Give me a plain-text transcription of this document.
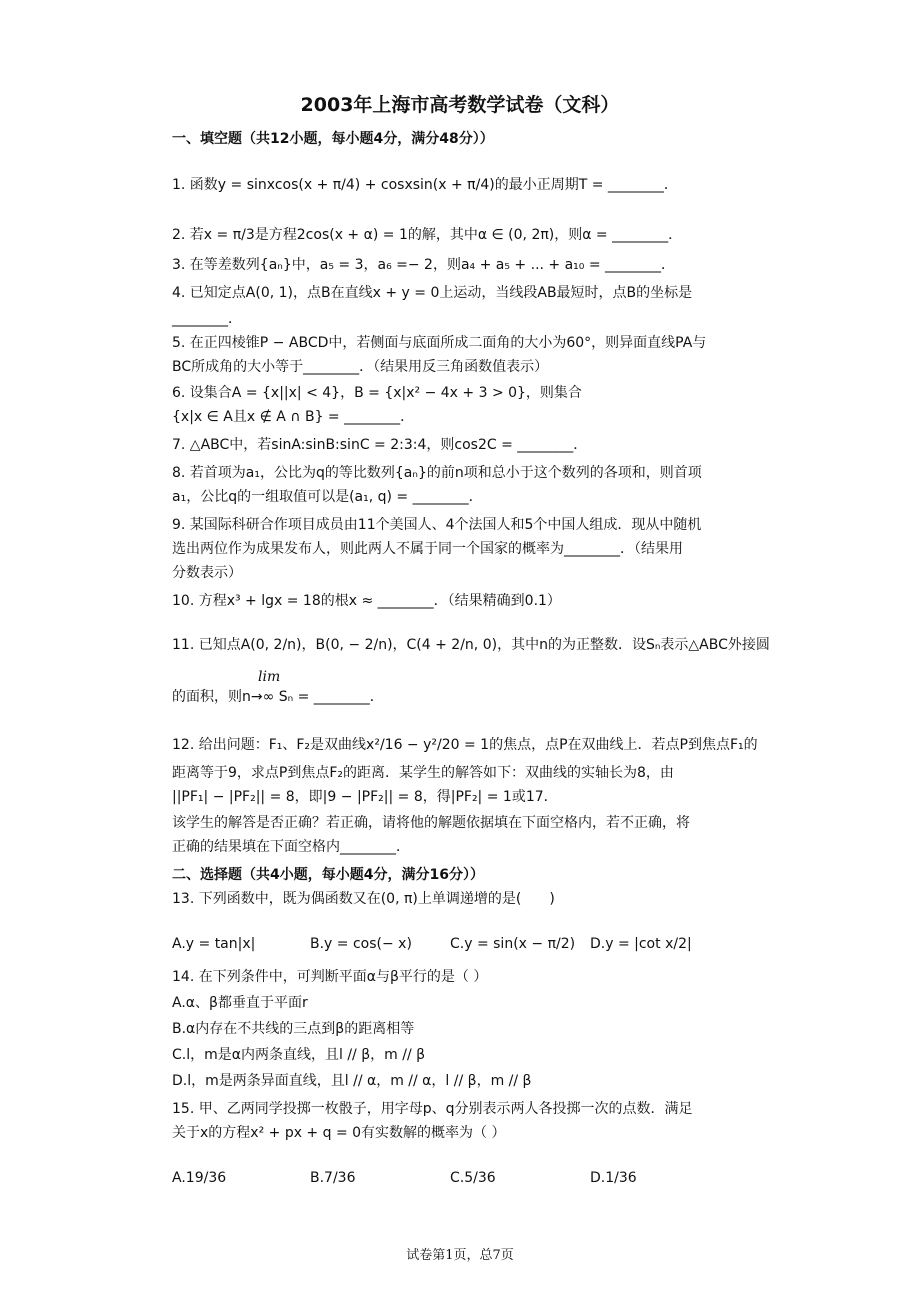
2003年上海市高考数学试卷（文科）
一、填空题（共12小题，每小题4分，满分48分））
1. 函数y = sinxcos(x + π/4) + cosxsin(x + π/4)的最小正周期T = ________．
2. 若x = π/3是方程2cos(x + α) = 1的解，其中α ∈ (0, 2π)，则α = ________．
3. 在等差数列{aₙ}中，a₅ = 3，a₆ =− 2，则a₄ + a₅ + ... + a₁₀ = ________．
4. 已知定点A(0, 1)，点B在直线x + y = 0上运动，当线段AB最短时，点B的坐标是
________．
5. 在正四棱锥P − ABCD中，若侧面与底面所成二面角的大小为60°，则异面直线PA与
BC所成角的大小等于________．（结果用反三角函数值表示）
6. 设集合A = {x||x| < 4}，B = {x|x² − 4x + 3 > 0}，则集合
{x|x ∈ A且x ∉ A ∩ B} = ________．
7. △ABC中，若sinA:sinB:sinC = 2:3:4，则cos2C = ________．
8. 若首项为a₁，公比为q的等比数列{aₙ}的前n项和总小于这个数列的各项和，则首项
a₁，公比q的一组取值可以是(a₁, q) = ________．
9. 某国际科研合作项目成员由11个美国人、4个法国人和5个中国人组成．现从中随机
选出两位作为成果发布人，则此两人不属于同一个国家的概率为________．（结果用
分数表示）
10. 方程x³ + lgx = 18的根x ≈ ________．（结果精确到0.1）
11. 已知点A(0, 2/n)，B(0, − 2/n)，C(4 + 2/n, 0)，其中n的为正整数．设Sₙ表示△ABC外接圆
lim
的面积，则n→∞ Sₙ = ________．
12. 给出问题：F₁、F₂是双曲线x²/16 − y²/20 = 1的焦点，点P在双曲线上．若点P到焦点F₁的
距离等于9，求点P到焦点F₂的距离．某学生的解答如下：双曲线的实轴长为8，由
||PF₁| − |PF₂|| = 8，即|9 − |PF₂|| = 8，得|PF₂| = 1或17．
该学生的解答是否正确？若正确，请将他的解题依据填在下面空格内，若不正确，将
正确的结果填在下面空格内________．
二、选择题（共4小题，每小题4分，满分16分））
13. 下列函数中，既为偶函数又在(0, π)上单调递增的是(　　)
A.y = tan|x|	B.y = cos(− x)	C.y = sin(x − π/2) D.y = |cot x/2|
14. 在下列条件中，可判断平面α与β平行的是（ ）
A.α、β都垂直于平面r
B.α内存在不共线的三点到β的距离相等
C.l，m是α内两条直线，且l // β，m // β
D.l，m是两条异面直线，且l // α，m // α，l // β，m // β
15. 甲、乙两同学投掷一枚骰子，用字母p、q分别表示两人各投掷一次的点数．满足
关于x的方程x² + px + q = 0有实数解的概率为（ ）
A.19/36	B.7/36	C.5/36	D.1/36
试卷第1页，总7页
